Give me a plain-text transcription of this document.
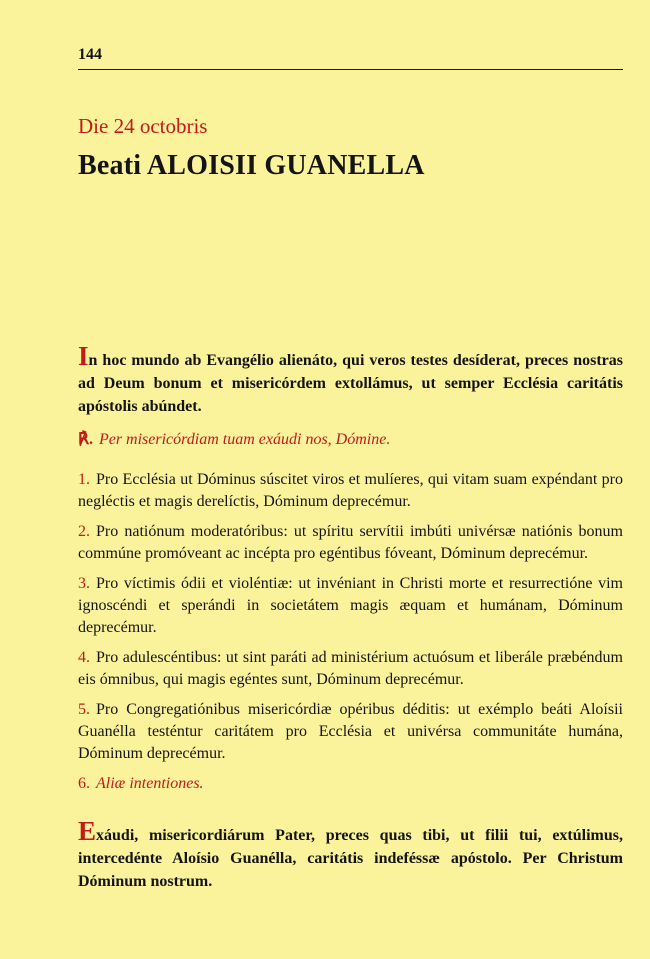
144
Die 24 octobris
Beati ALOISII GUANELLA
In hoc mundo ab Evangélio alienáto, qui veros testes desíderat, preces nostras ad Deum bonum et misericórdem extollámus, ut semper Ecclésia caritátis apóstolis abúndet.
℟. Per misericórdiam tuam exáudi nos, Dómine.
1. Pro Ecclésia ut Dóminus súscitet viros et mulíeres, qui vitam suam expéndant pro negléctis et magis derelíctis, Dóminum deprecémur.
2. Pro natiónum moderatóribus: ut spíritu servítii imbúti univérsæ natiónis bonum commúne promóveant ac incépta pro egéntibus fóveant, Dóminum deprecémur.
3. Pro víctimis ódii et violéntiæ: ut invéniant in Christi morte et resurrectióne vim ignoscéndi et sperándi in societátem magis æquam et humánam, Dóminum deprecémur.
4. Pro adulescéntibus: ut sint paráti ad ministérium actuósum et liberále præbéndum eis ómnibus, qui magis egéntes sunt, Dóminum deprecémur.
5. Pro Congregatiónibus misericórdiæ opéribus déditis: ut exémplo beáti Aloísii Guanélla testéntur caritátem pro Ecclésia et univérsa communitáte humána, Dóminum deprecémur.
6. Aliæ intentiones.
Exáudi, misericordiárum Pater, preces quas tibi, ut filii tui, extúlimus, intercedénte Aloísio Guanélla, caritátis indeféssæ apóstolo. Per Christum Dóminum nostrum.
